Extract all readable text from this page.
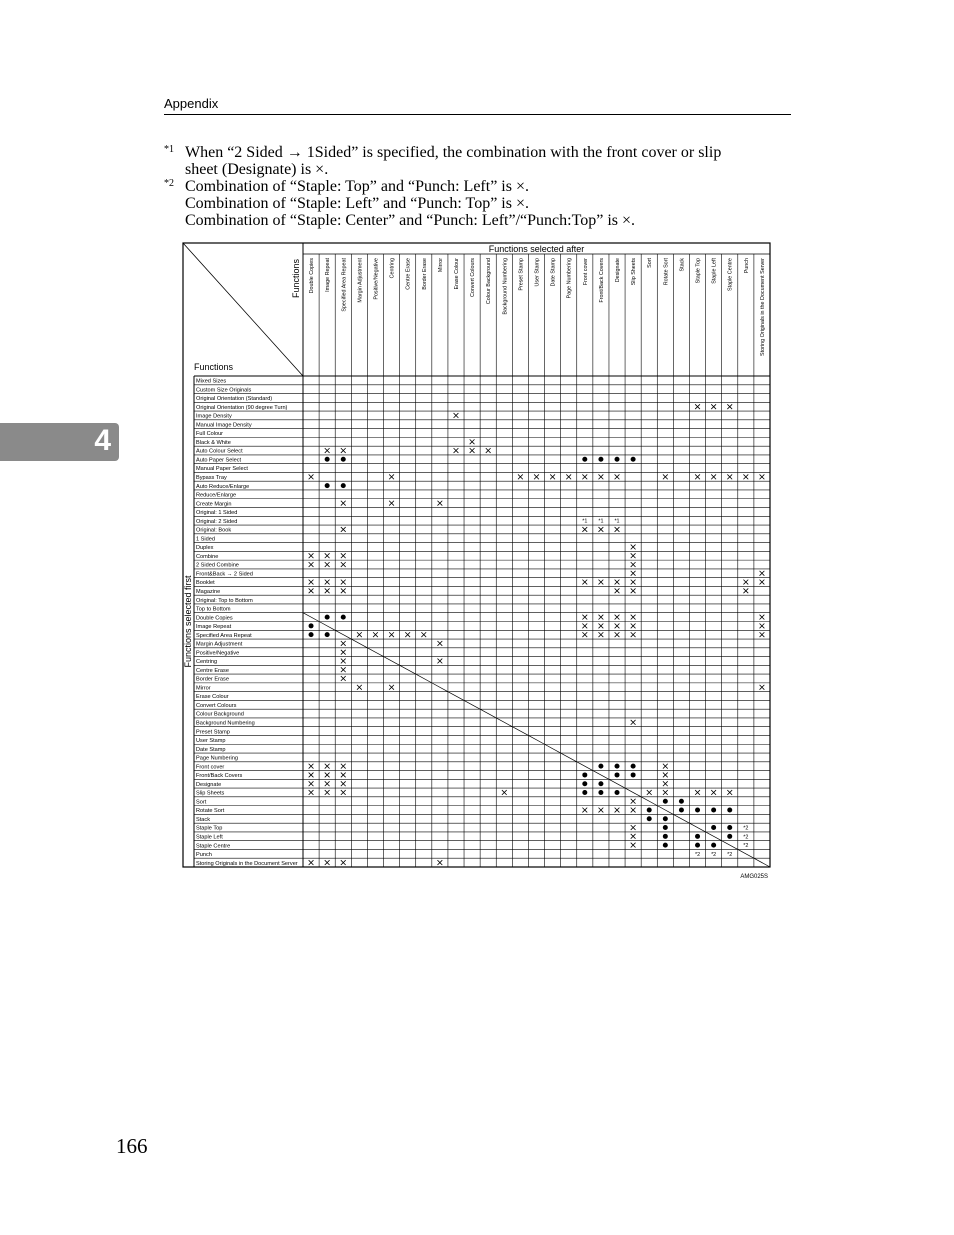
Appendix
4
*1 When “2 Sided → 1Sided” is specified, the combination with the front cover or slip
sheet (Designate) is ×.
*2 Combination of “Staple: Top” and “Punch: Left” is ×.
Combination of “Staple: Left” and “Punch: Top” is ×.
Combination of “Staple: Center” and “Punch: Left”/“Punch:Top” is ×.
Functions selected after
Functions
Functions
Functions selected first
Double Copies Image Repeat Specified Area Repeat Margin Adjustment Positive/Negative Centring Centre Erase Border Erase Mirror Erase Colour Convert Colours Colour Background Background Numbering Preset Stamp User Stamp Date Stamp Page Numbering Front cover Front/Back Covers Designate Slip Sheets Sort Rotate Sort Stack Staple Top Staple Left Staple Centre Punch Storing Originals in the Document Server
Mixed Sizes
Custom Size Originals
Original Orientation (Standard)
Original Orientation (90 degree Turn)
Image Density
Manual Image Density
Full Colour
Black & White
Auto Colour Select
Auto Paper Select
Manual Paper Select
Bypass Tray
Auto Reduce/Enlarge
Reduce/Enlarge
Create Margin
Original: 1 Sided
Original: 2 Sided
Original: Book
1 Sided
Duplex
Combine
2 Sided Combine
Front&Back → 2 Sided
Booklet
Magazine
Original: Top to Bottom
Top to Bottom
Double Copies
Image Repeat
Specified Area Repeat
Margin Adjustment
Positive/Negative
Centring
Centre Erase
Border Erase
Mirror
Erase Colour
Convert Colours
Colour Background
Background Numbering
Preset Stamp
User Stamp
Date Stamp
Page Numbering
Front cover
Front/Back Covers
Designate
Slip Sheets
Sort
Rotate Sort
Stack
Staple Top
Staple Left
Staple Centre
Punch
Storing Originals in the Document Server
*1 *1 *1
*2
*2
*2
*2 *2 *2
AMG025S
166
